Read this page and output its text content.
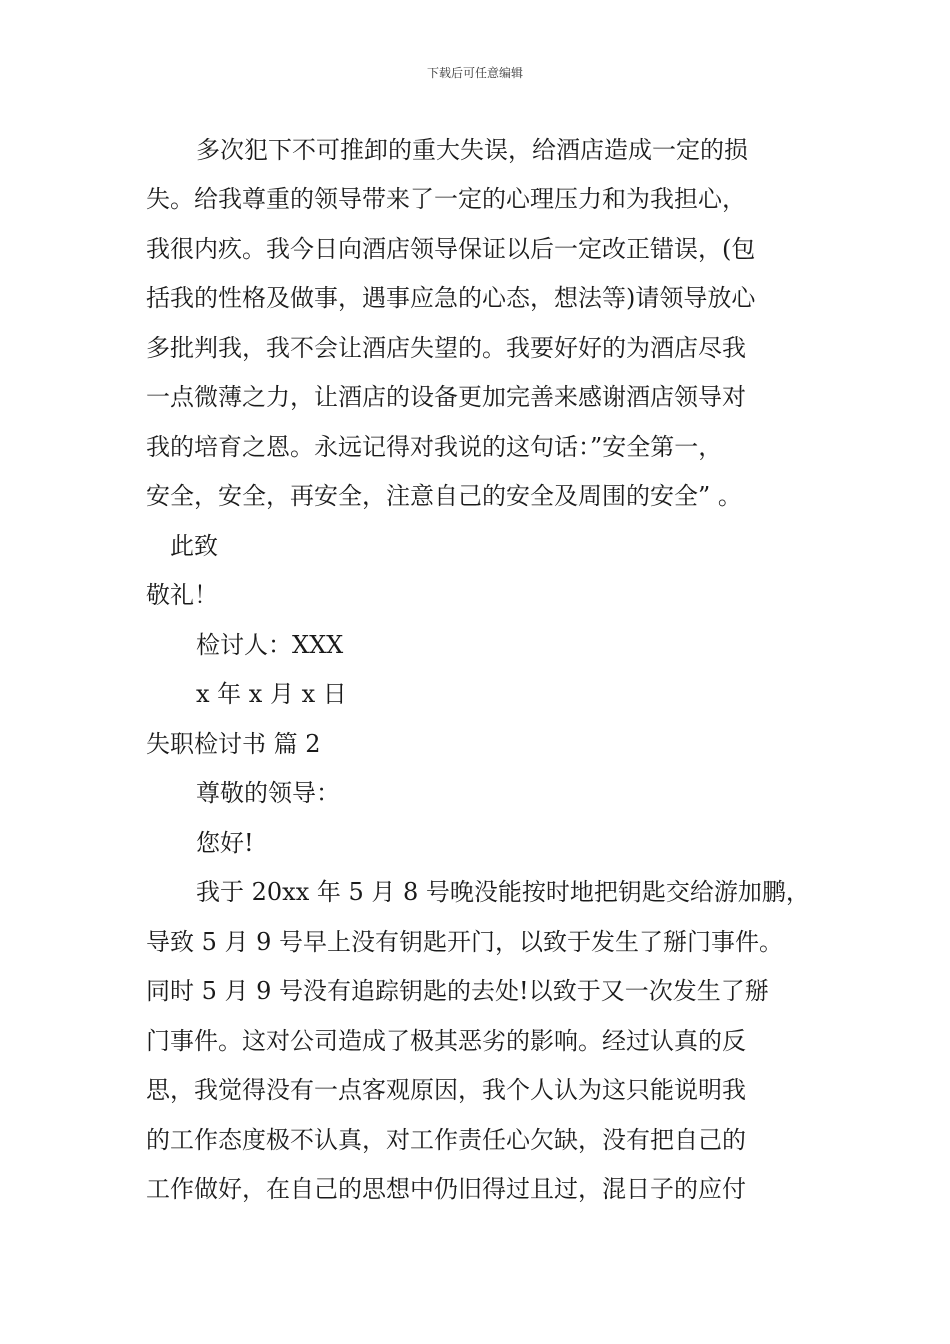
下载后可任意编辑
多次犯下不可推卸的重大失误，给酒店造成一定的损
失。给我尊重的领导带来了一定的心理压力和为我担心，
我很内疚。我今日向酒店领导保证以后一定改正错误，(包
括我的性格及做事，遇事应急的心态，想法等)请领导放心
多批判我，我不会让酒店失望的。我要好好的为酒店尽我
一点微薄之力，让酒店的设备更加完善来感谢酒店领导对
我的培育之恩。永远记得对我说的这句话：”安全第一，
安全，安全，再安全，注意自己的安全及周围的安全” 。
此致
敬礼！
检讨人：XXX
x 年 x 月 x 日
失职检讨书 篇 2
尊敬的领导：
您好!
我于 20xx 年 5 月 8 号晚没能按时地把钥匙交给游加鹏，
导致 5 月 9 号早上没有钥匙开门，以致于发生了掰门事件。
同时 5 月 9 号没有追踪钥匙的去处!以致于又一次发生了掰
门事件。这对公司造成了极其恶劣的影响。经过认真的反
思，我觉得没有一点客观原因，我个人认为这只能说明我
的工作态度极不认真，对工作责任心欠缺，没有把自己的
工作做好，在自己的思想中仍旧得过且过，混日子的应付
